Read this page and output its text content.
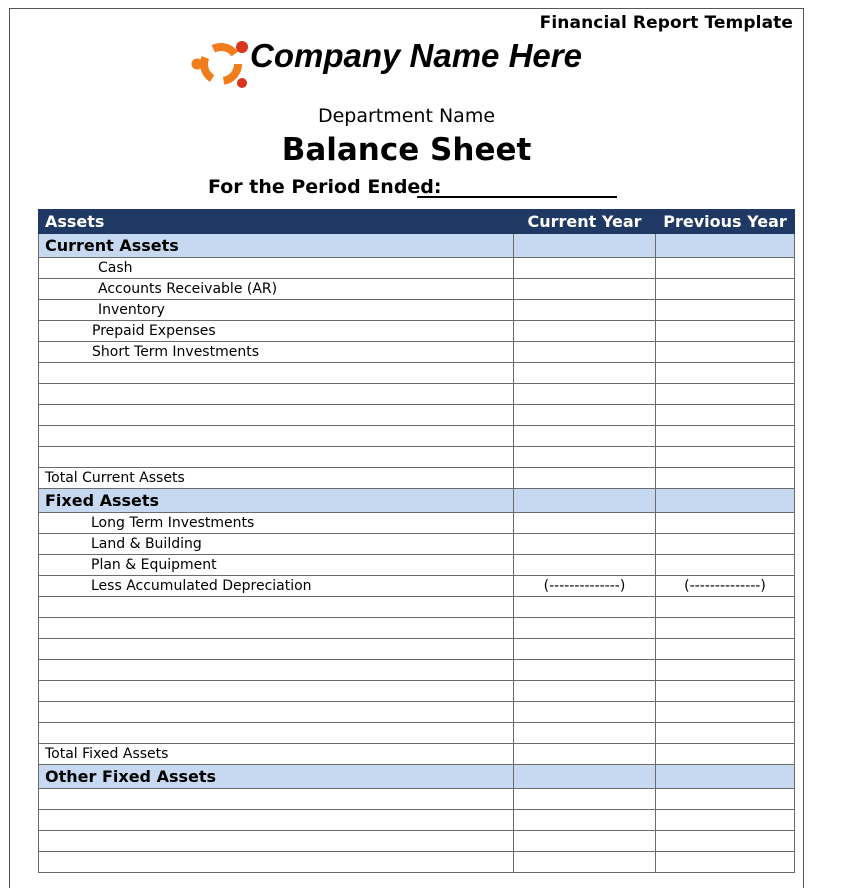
Financial Report Template
Company Name Here
Department Name
Balance Sheet
For the Period Ended:
Assets	Current Year	Previous Year
Current Assets		
Cash		
Accounts Receivable (AR)		
Inventory		
Prepaid Expenses		
Short Term Investments		

Total Current Assets		
Fixed Assets		
Long Term Investments		
Land & Building		
Plan & Equipment		
Less Accumulated Depreciation	(--------------)	(--------------)

Total Fixed Assets		
Other Fixed Assets		
